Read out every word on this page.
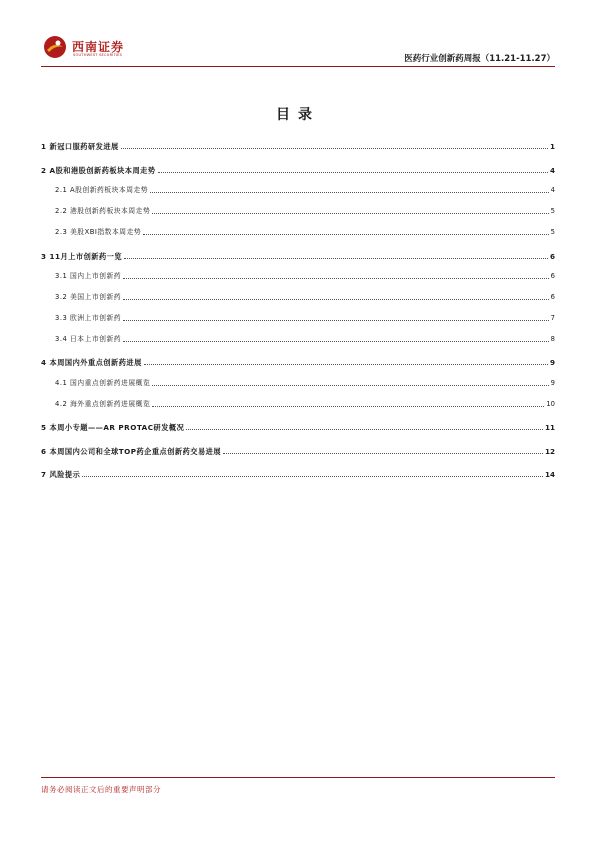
西南证券
SOUTHWEST SECURITIES	医药行业创新药周报（11.21-11.27）
目录
1 新冠口服药研发进展	1
2 A股和港股创新药板块本周走势	4
2.1 A股创新药板块本周走势	4
2.2 港股创新药板块本周走势	5
2.3 美股XBI指数本周走势	5
3 11月上市创新药一览	6
3.1 国内上市创新药	6
3.2 美国上市创新药	6
3.3 欧洲上市创新药	7
3.4 日本上市创新药	8
4 本周国内外重点创新药进展	9
4.1 国内重点创新药进展概览	9
4.2 海外重点创新药进展概览	10
5 本周小专题——AR PROTAC研发概况	11
6 本周国内公司和全球TOP药企重点创新药交易进展	12
7 风险提示	14
请务必阅读正文后的重要声明部分
